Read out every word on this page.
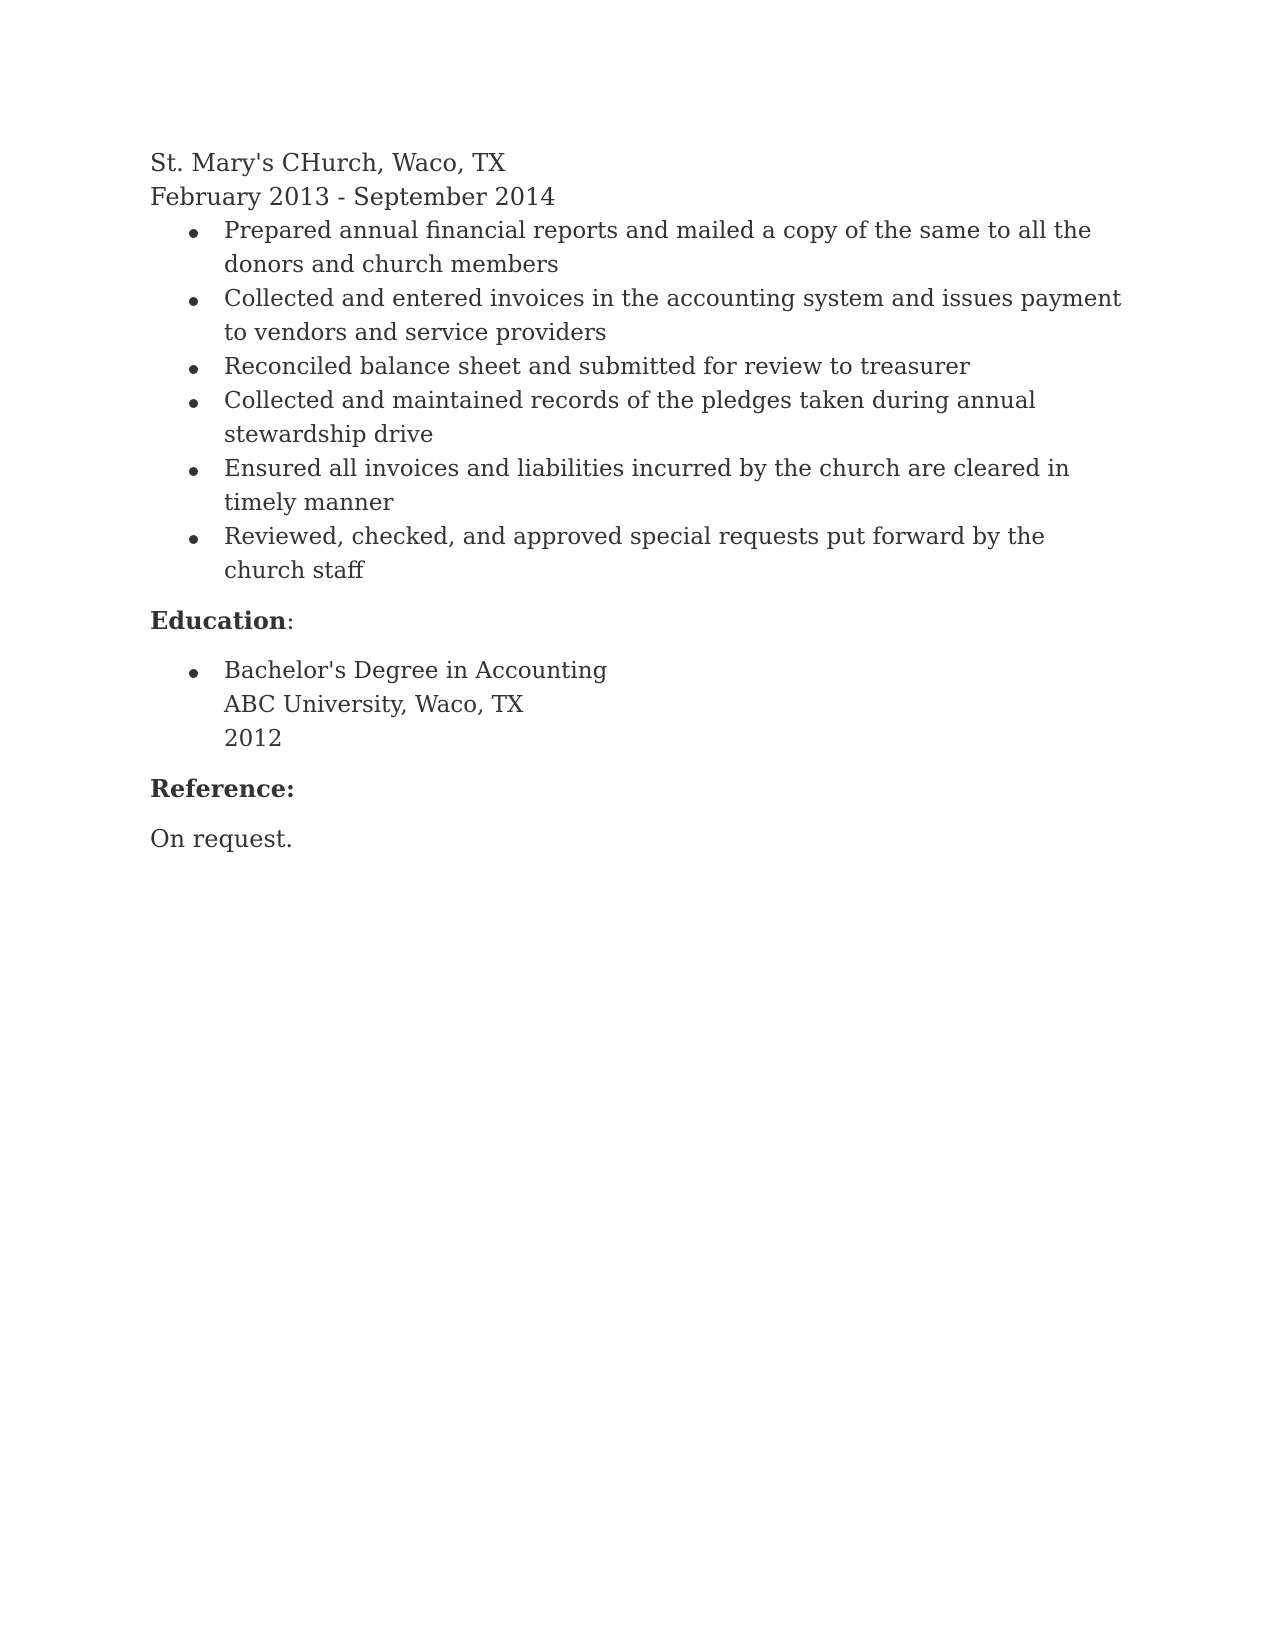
St. Mary's CHurch, Waco, TX
February 2013 - September 2014
Prepared annual financial reports and mailed a copy of the same to all the donors and church members
Collected and entered invoices in the accounting system and issues payment to vendors and service providers
Reconciled balance sheet and submitted for review to treasurer
Collected and maintained records of the pledges taken during annual stewardship drive
Ensured all invoices and liabilities incurred by the church are cleared in timely manner
Reviewed, checked, and approved special requests put forward by the church staff
Education:
Bachelor's Degree in Accounting
ABC University, Waco, TX
2012
Reference:
On request.
